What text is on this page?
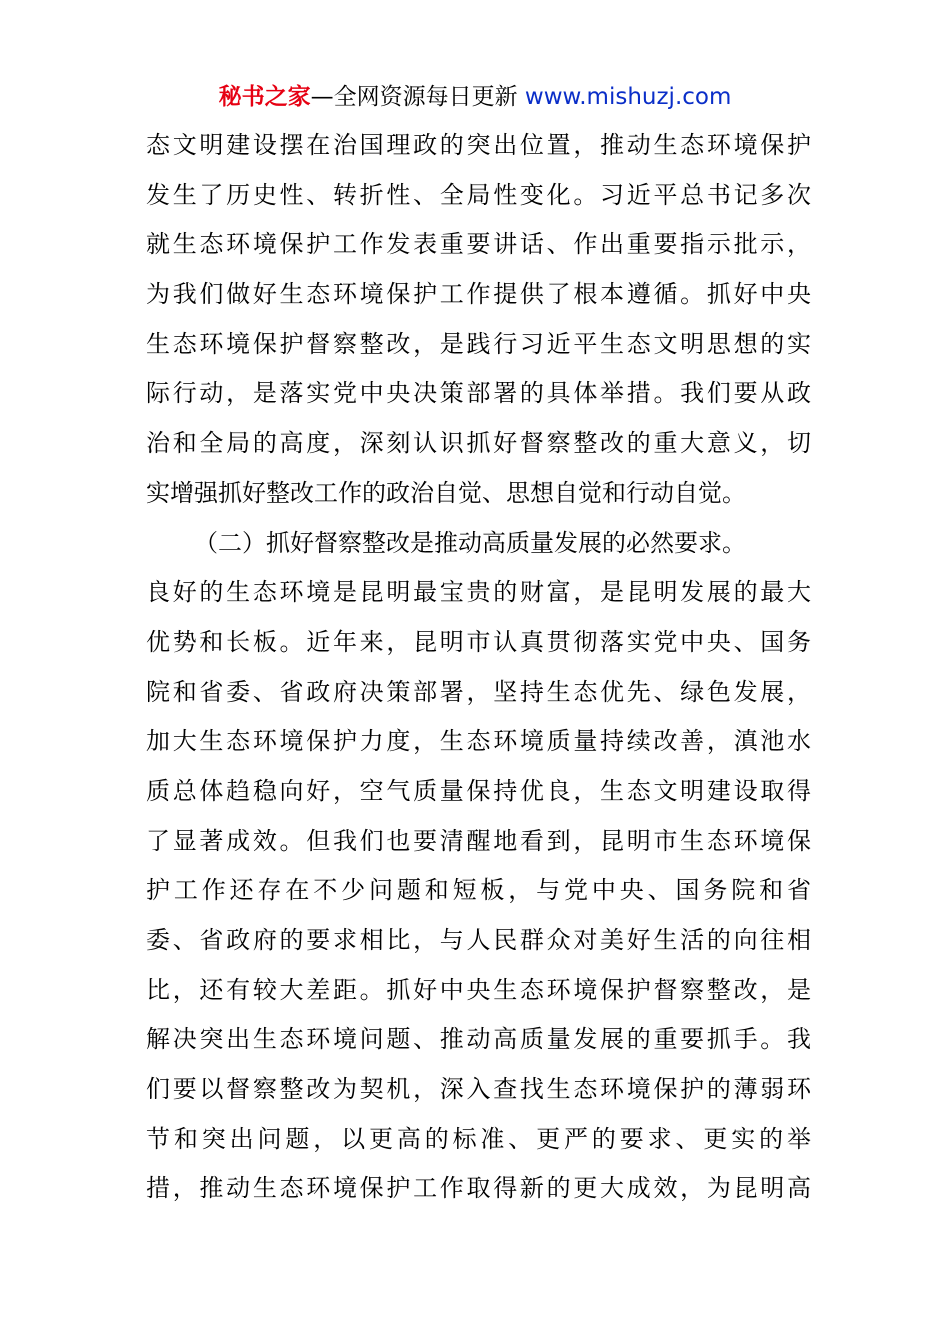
秘书之家—全网资源每日更新 www.mishuzj.com
态文明建设摆在治国理政的突出位置，推动生态环境保护
发生了历史性、转折性、全局性变化。习近平总书记多次
就生态环境保护工作发表重要讲话、作出重要指示批示，
为我们做好生态环境保护工作提供了根本遵循。抓好中央
生态环境保护督察整改，是践行习近平生态文明思想的实
际行动，是落实党中央决策部署的具体举措。我们要从政
治和全局的高度，深刻认识抓好督察整改的重大意义，切
实增强抓好整改工作的政治自觉、思想自觉和行动自觉。
（二）抓好督察整改是推动高质量发展的必然要求。
良好的生态环境是昆明最宝贵的财富，是昆明发展的最大
优势和长板。近年来，昆明市认真贯彻落实党中央、国务
院和省委、省政府决策部署，坚持生态优先、绿色发展，
加大生态环境保护力度，生态环境质量持续改善，滇池水
质总体趋稳向好，空气质量保持优良，生态文明建设取得
了显著成效。但我们也要清醒地看到，昆明市生态环境保
护工作还存在不少问题和短板，与党中央、国务院和省
委、省政府的要求相比，与人民群众对美好生活的向往相
比，还有较大差距。抓好中央生态环境保护督察整改，是
解决突出生态环境问题、推动高质量发展的重要抓手。我
们要以督察整改为契机，深入查找生态环境保护的薄弱环
节和突出问题，以更高的标准、更严的要求、更实的举
措，推动生态环境保护工作取得新的更大成效，为昆明高
